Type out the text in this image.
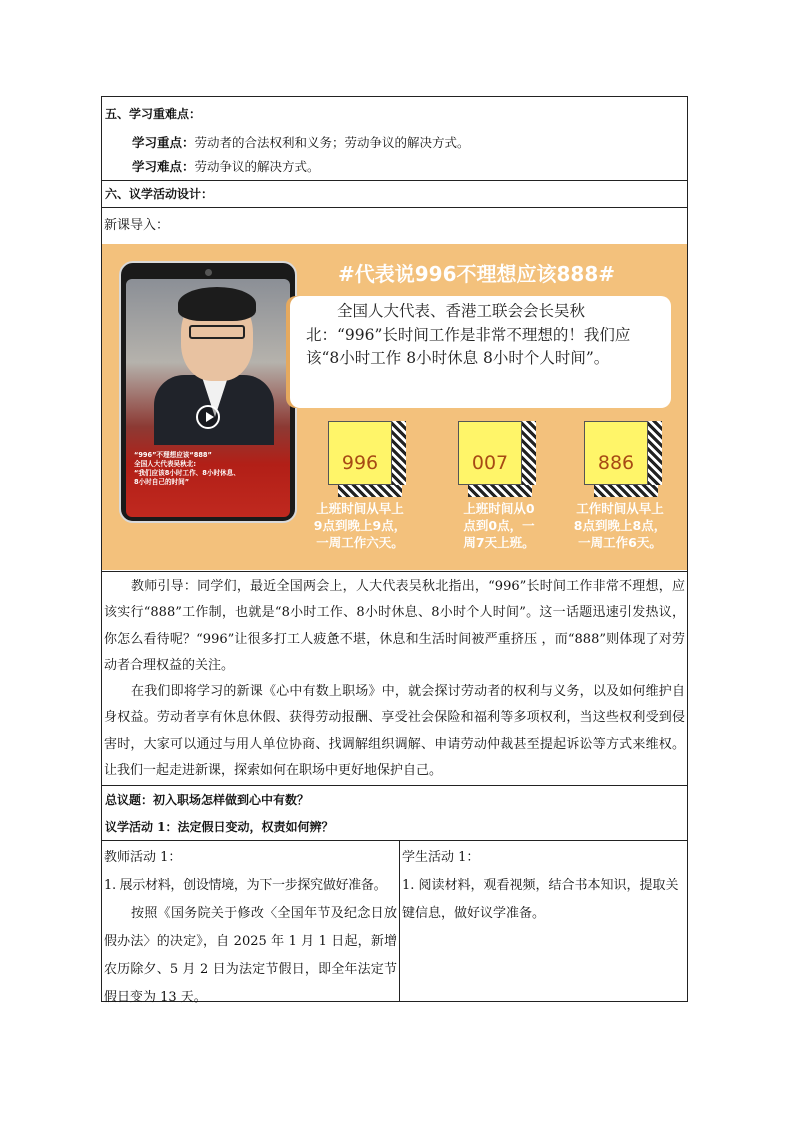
五、学习重难点：
学习重点：劳动者的合法权利和义务；劳动争议的解决方式。
学习难点：劳动争议的解决方式。
六、议学活动设计：
新课导入：
“996”不理想应该“888”
全国人大代表吴秋北:
“我们应该8小时工作、8小时休息、
8小时自己的时间”
#代表说996不理想应该888#
全国人大代表、香港工联会会长吴秋北：“996”长时间工作是非常不理想的！我们应该“8小时工作 8小时休息 8小时个人时间”。
996
上班时间从早上
9点到晚上9点，
一周工作六天。
007
上班时间从0
点到0点，一
周7天上班。
886
工作时间从早上
8点到晚上8点，
一周工作6天。
教师引导：同学们，最近全国两会上，人大代表吴秋北指出，“996”长时间工作非常不理想，应该实行“888”工作制，也就是“8小时工作、8小时休息、8小时个人时间”。这一话题迅速引发热议，你怎么看待呢？“996”让很多打工人疲惫不堪，休息和生活时间被严重挤压 ，而“888”则体现了对劳动者合理权益的关注。
在我们即将学习的新课《心中有数上职场》中，就会探讨劳动者的权利与义务，以及如何维护自身权益。劳动者享有休息休假、获得劳动报酬、享受社会保险和福利等多项权利，当这些权利受到侵害时，大家可以通过与用人单位协商、找调解组织调解、申请劳动仲裁甚至提起诉讼等方式来维权。让我们一起走进新课，探索如何在职场中更好地保护自己。
总议题：初入职场怎样做到心中有数？
议学活动 1：法定假日变动，权责如何辨？
教师活动 1：
1. 展示材料，创设情境，为下一步探究做好准备。
按照《国务院关于修改〈全国年节及纪念日放假办法〉的决定》，自 2025 年 1 月 1 日起，新增农历除夕、5 月 2 日为法定节假日，即全年法定节假日变为 13 天。
学生活动 1：
1. 阅读材料，观看视频，结合书本知识，提取关键信息，做好议学准备。
